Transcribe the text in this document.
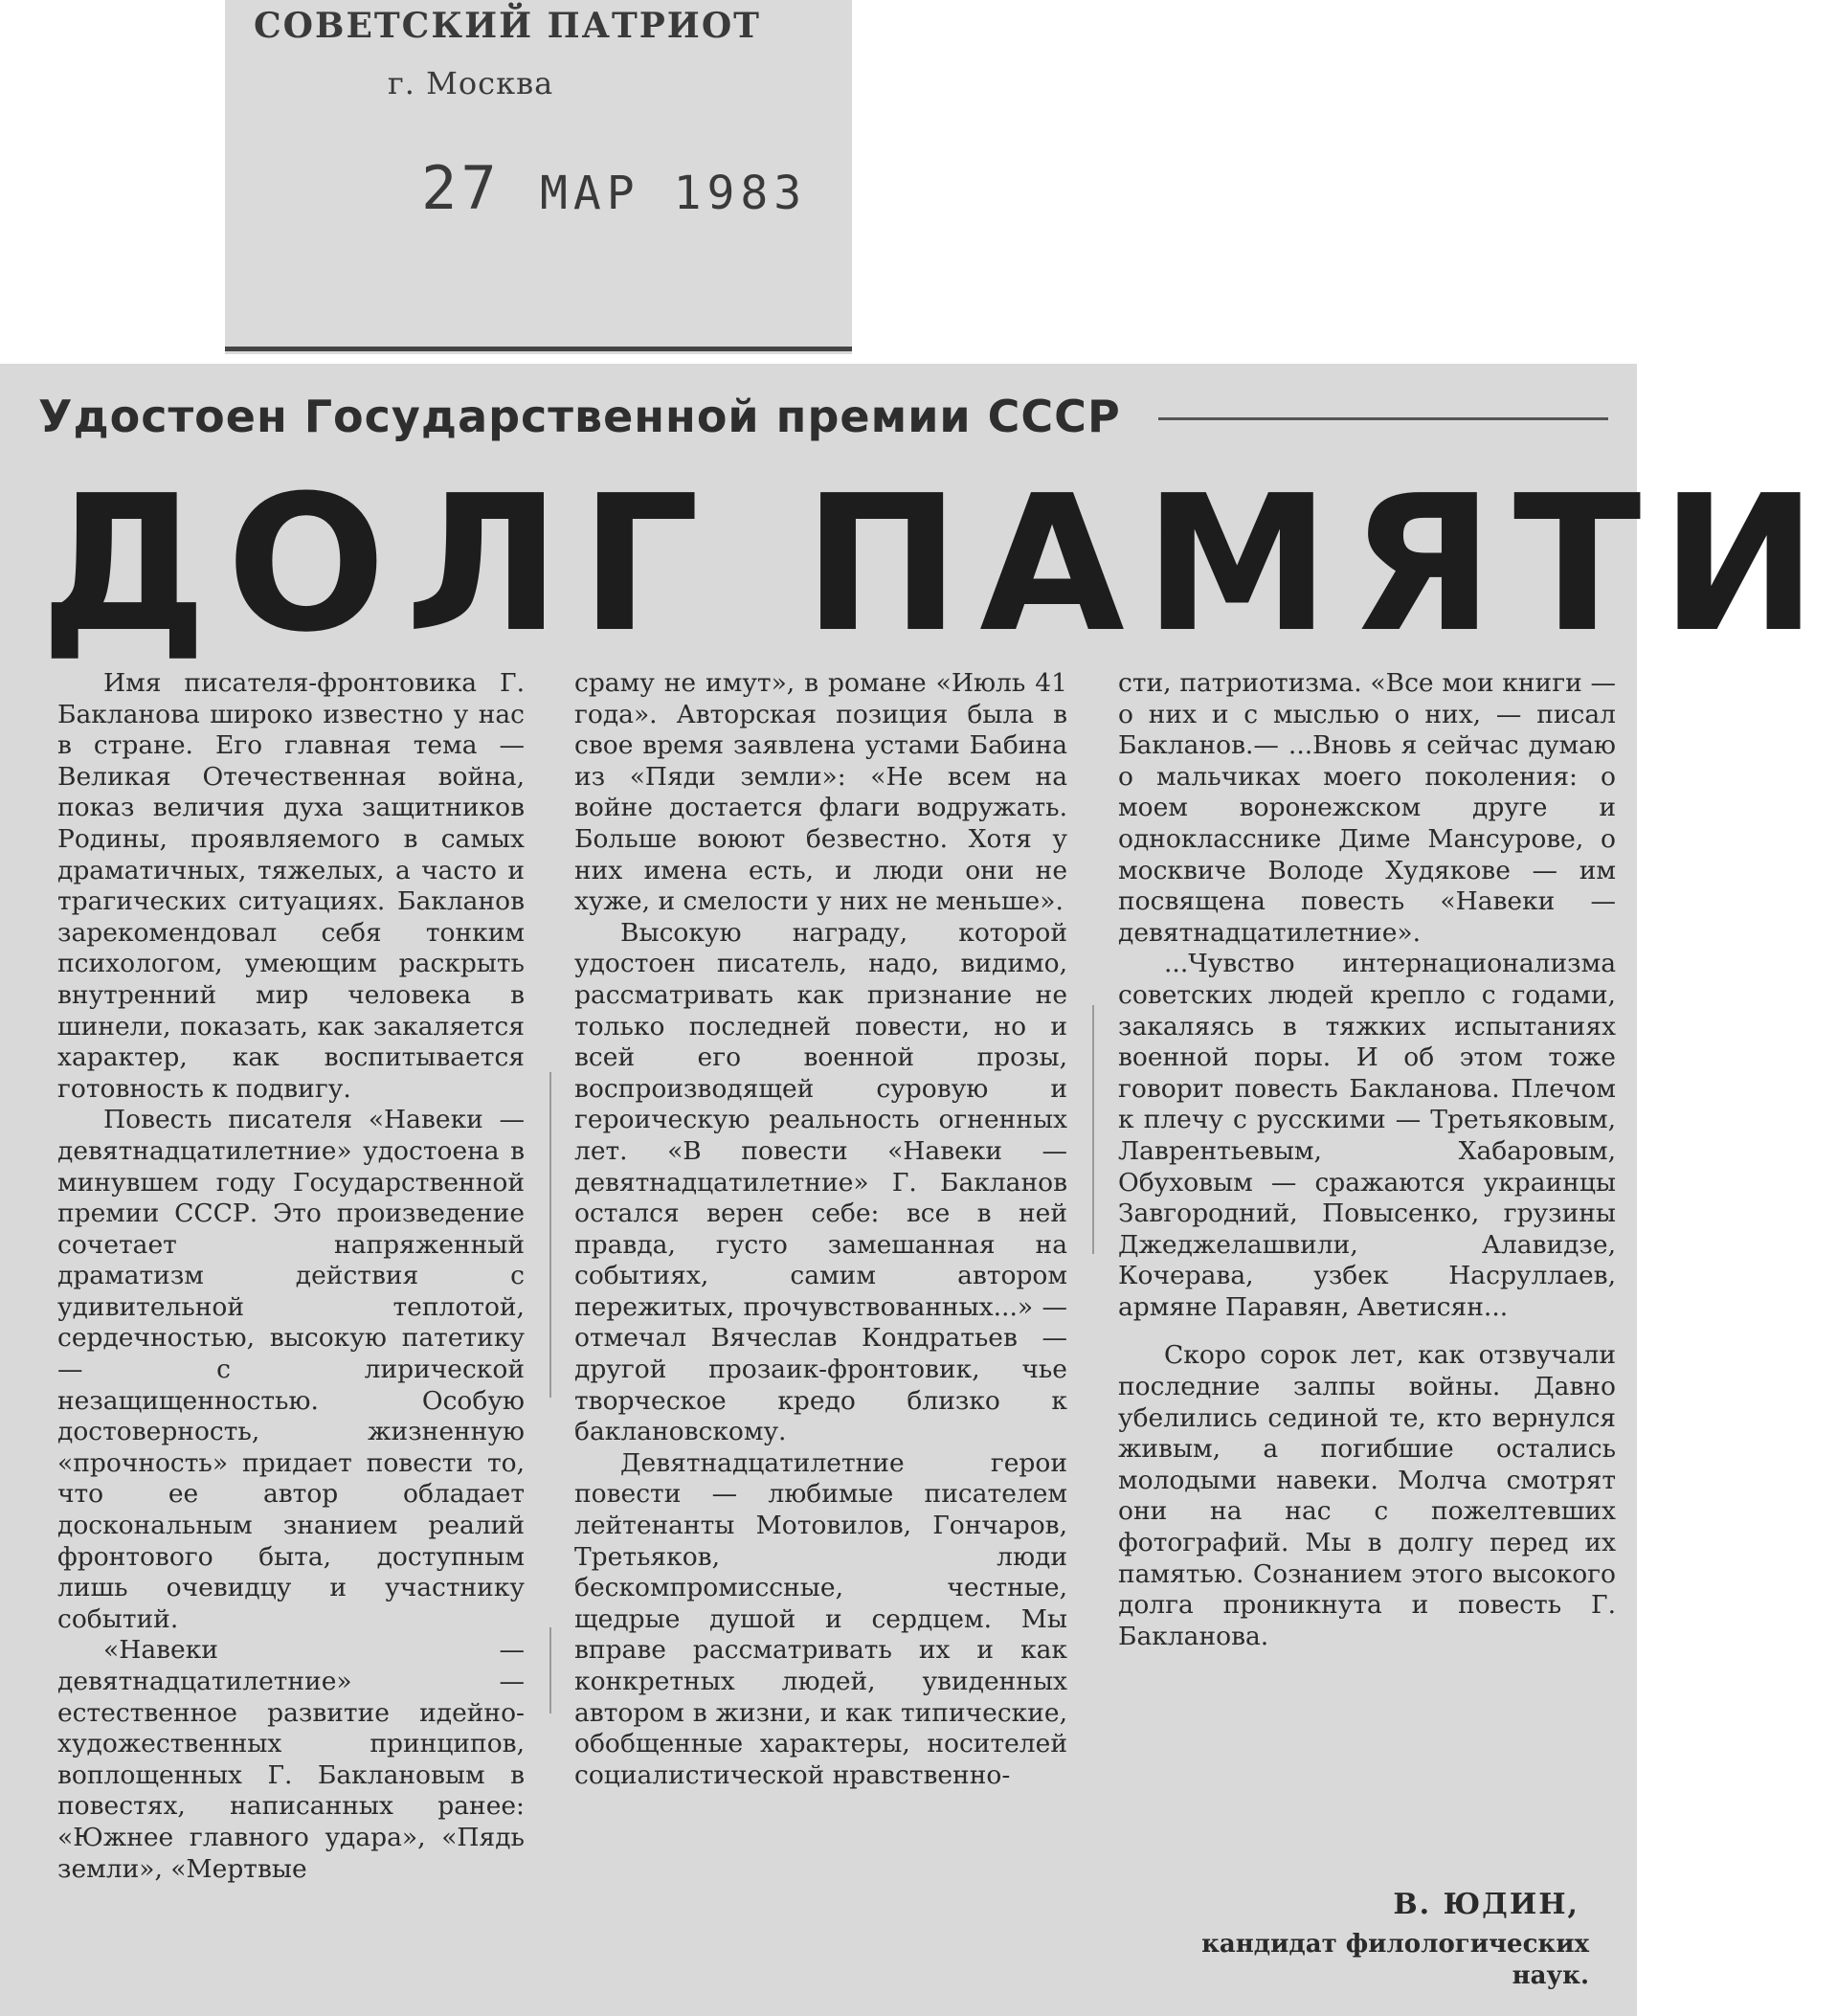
СОВЕТСКИЙ ПАТРИОТ
г. Москва
27 МАР 1983
Удостоен Государственной премии СССР
ДОЛГ ПАМЯТИ

Имя писателя-фронтовика Г. Бакланова широко известно у нас в стране. Его главная тема — Великая Отечественная война, показ величия духа защитников Родины, проявляемого в самых драматичных, тяжелых, а часто и трагических ситуациях. Бакланов зарекомендовал себя тонким психологом, умеющим раскрыть внутренний мир человека в шинели, показать, как закаляется характер, как воспитывается готовность к подвигу.

Повесть писателя «Навеки — девятнадцатилетние» удостоена в минувшем году Государственной премии СССР. Это произведение сочетает напряженный драматизм действия с удивительной теплотой, сердечностью, высокую патетику — с лирической незащищенностью. Особую достоверность, жизненную «прочность» придает повести то, что ее автор обладает доскональным знанием реалий фронтового быта, доступным лишь очевидцу и участнику событий.

«Навеки — девятнадцатилетние» — естественное развитие идейно-художественных принципов, воплощенных Г. Баклановым в повестях, написанных ранее: «Южнее главного удара», «Пядь земли», «Мертвые

сраму не имут», в романе «Июль 41 года». Авторская позиция была в свое время заявлена устами Бабина из «Пяди земли»: «Не всем на войне достается флаги водружать. Больше воюют безвестно. Хотя у них имена есть, и люди они не хуже, и смелости у них не меньше».

Высокую награду, которой удостоен писатель, надо, видимо, рассматривать как признание не только последней повести, но и всей его военной прозы, воспроизводящей суровую и героическую реальность огненных лет. «В повести «Навеки — девятнадцатилетние» Г. Бакланов остался верен себе: все в ней правда, густо замешанная на событиях, самим автором пережитых, прочувствованных...» — отмечал Вячеслав Кондратьев — другой прозаик-фронтовик, чье творческое кредо близко к баклановскому.

Девятнадцатилетние герои повести — любимые писателем лейтенанты Мотовилов, Гончаров, Третьяков, люди бескомпромиссные, честные, щедрые душой и сердцем. Мы вправе рассматривать их и как конкретных людей, увиденных автором в жизни, и как типические, обобщенные характеры, носителей социалистической нравственно-

сти, патриотизма. «Все мои книги — о них и с мыслью о них, — писал Бакланов.— ...Вновь я сейчас думаю о мальчиках моего поколения: о моем воронежском друге и однокласснике Диме Мансурове, о москвиче Володе Худякове — им посвящена повесть «Навеки — девятнадцатилетние».

...Чувство интернационализма советских людей крепло с годами, закаляясь в тяжких испытаниях военной поры. И об этом тоже говорит повесть Бакланова. Плечом к плечу с русскими — Третьяковым, Лаврентьевым, Хабаровым, Обуховым — сражаются украинцы Завгородний, Повысенко, грузины Джеджелашвили, Алавидзе, Кочерава, узбек Насруллаев, армяне Паравян, Аветисян...

Скоро сорок лет, как отзвучали последние залпы войны. Давно убелились сединой те, кто вернулся живым, а погибшие остались молодыми навеки. Молча смотрят они на нас с пожелтевших фотографий. Мы в долгу перед их памятью. Сознанием этого высокого долга проникнута и повесть Г. Бакланова.

В. ЮДИН,
кандидат филологических наук.
